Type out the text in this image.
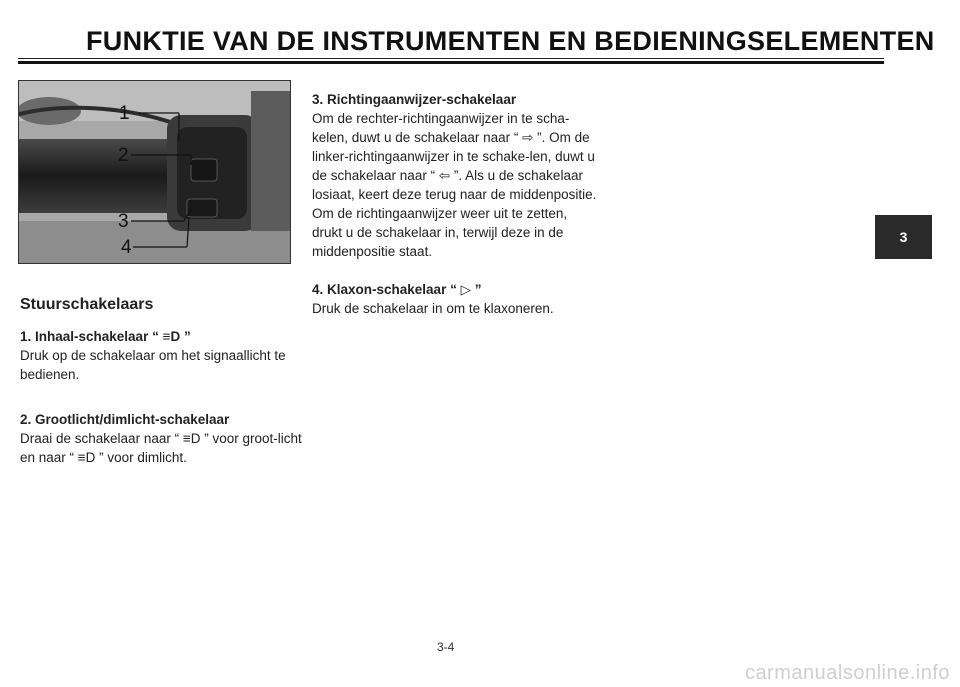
FUNKTIE VAN DE INSTRUMENTEN EN BEDIENINGSELEMENTEN
1
2
3
4
Stuurschakelaars
1. Inhaal-schakelaar “ ≡D ”
Druk op de schakelaar om het signaallicht te bedienen.
2. Grootlicht/dimlicht-schakelaar
Draai de schakelaar naar “ ≡D ” voor groot-licht en naar “ ≡D ” voor dimlicht.
3. Richtingaanwijzer-schakelaar
Om de rechter-richtingaanwijzer in te scha-kelen, duwt u de schakelaar naar “ ⇨ ”. Om de linker-richtingaanwijzer in te schake-len, duwt u de schakelaar naar “ ⇦ ”. Als u de schakelaar losiaat, keert deze terug naar de middenpositie. Om de richtingaanwijzer weer uit te zetten, drukt u de schakelaar in, terwijl deze in de middenpositie staat.
4. Klaxon-schakelaar “ ▷ ”
Druk de schakelaar in om te klaxoneren.
3
3-4
carmanualsonline.info
